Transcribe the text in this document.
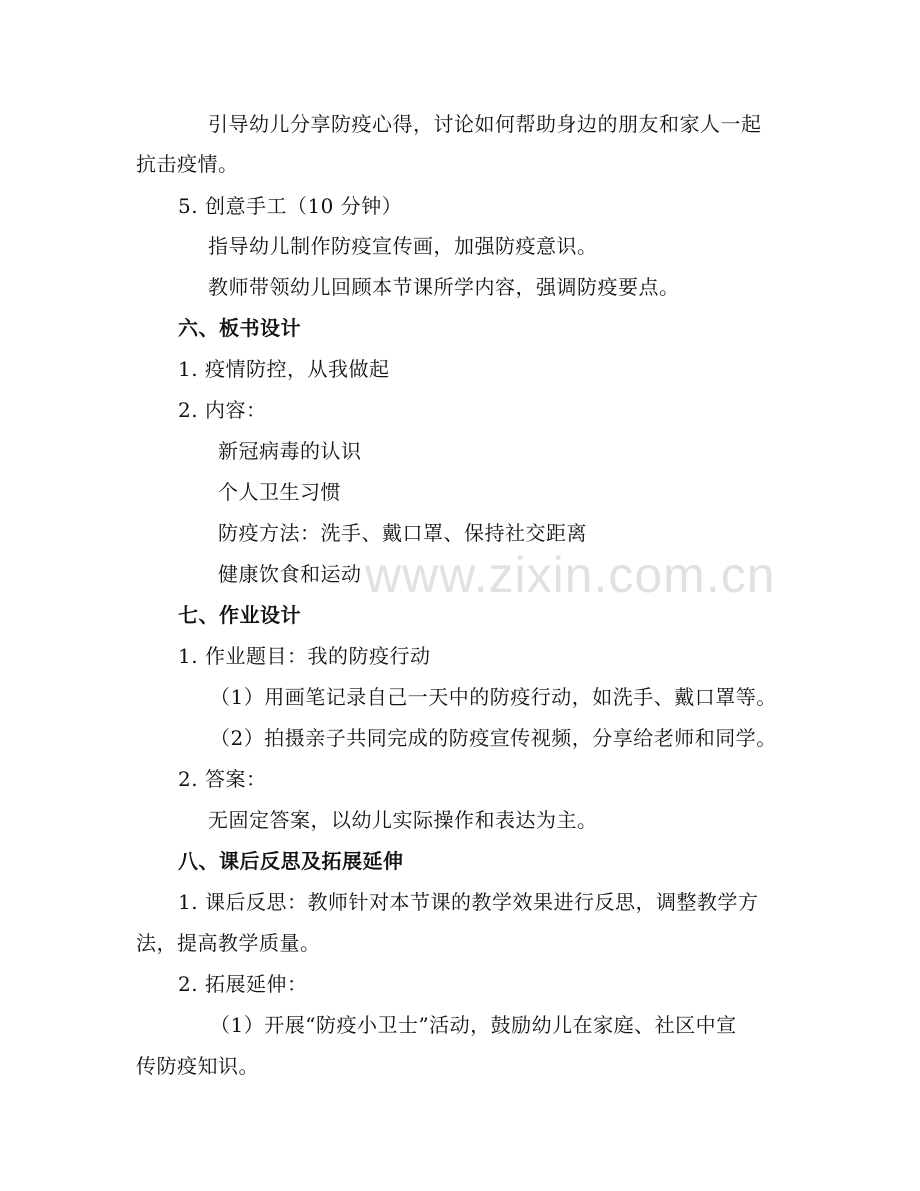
引导幼儿分享防疫心得，讨论如何帮助身边的朋友和家人一起
抗击疫情。
5. 创意手工（10 分钟）
指导幼儿制作防疫宣传画，加强防疫意识。
教师带领幼儿回顾本节课所学内容，强调防疫要点。
六、板书设计
1. 疫情防控，从我做起
2. 内容：
新冠病毒的认识
个人卫生习惯
防疫方法：洗手、戴口罩、保持社交距离
健康饮食和运动
七、作业设计
1. 作业题目：我的防疫行动
（1）用画笔记录自己一天中的防疫行动，如洗手、戴口罩等。
（2）拍摄亲子共同完成的防疫宣传视频，分享给老师和同学。
2. 答案：
无固定答案，以幼儿实际操作和表达为主。
八、课后反思及拓展延伸
1. 课后反思：教师针对本节课的教学效果进行反思，调整教学方
法，提高教学质量。
2. 拓展延伸：
（1）开展“防疫小卫士”活动，鼓励幼儿在家庭、社区中宣
传防疫知识。
www.zixin.com.cn
